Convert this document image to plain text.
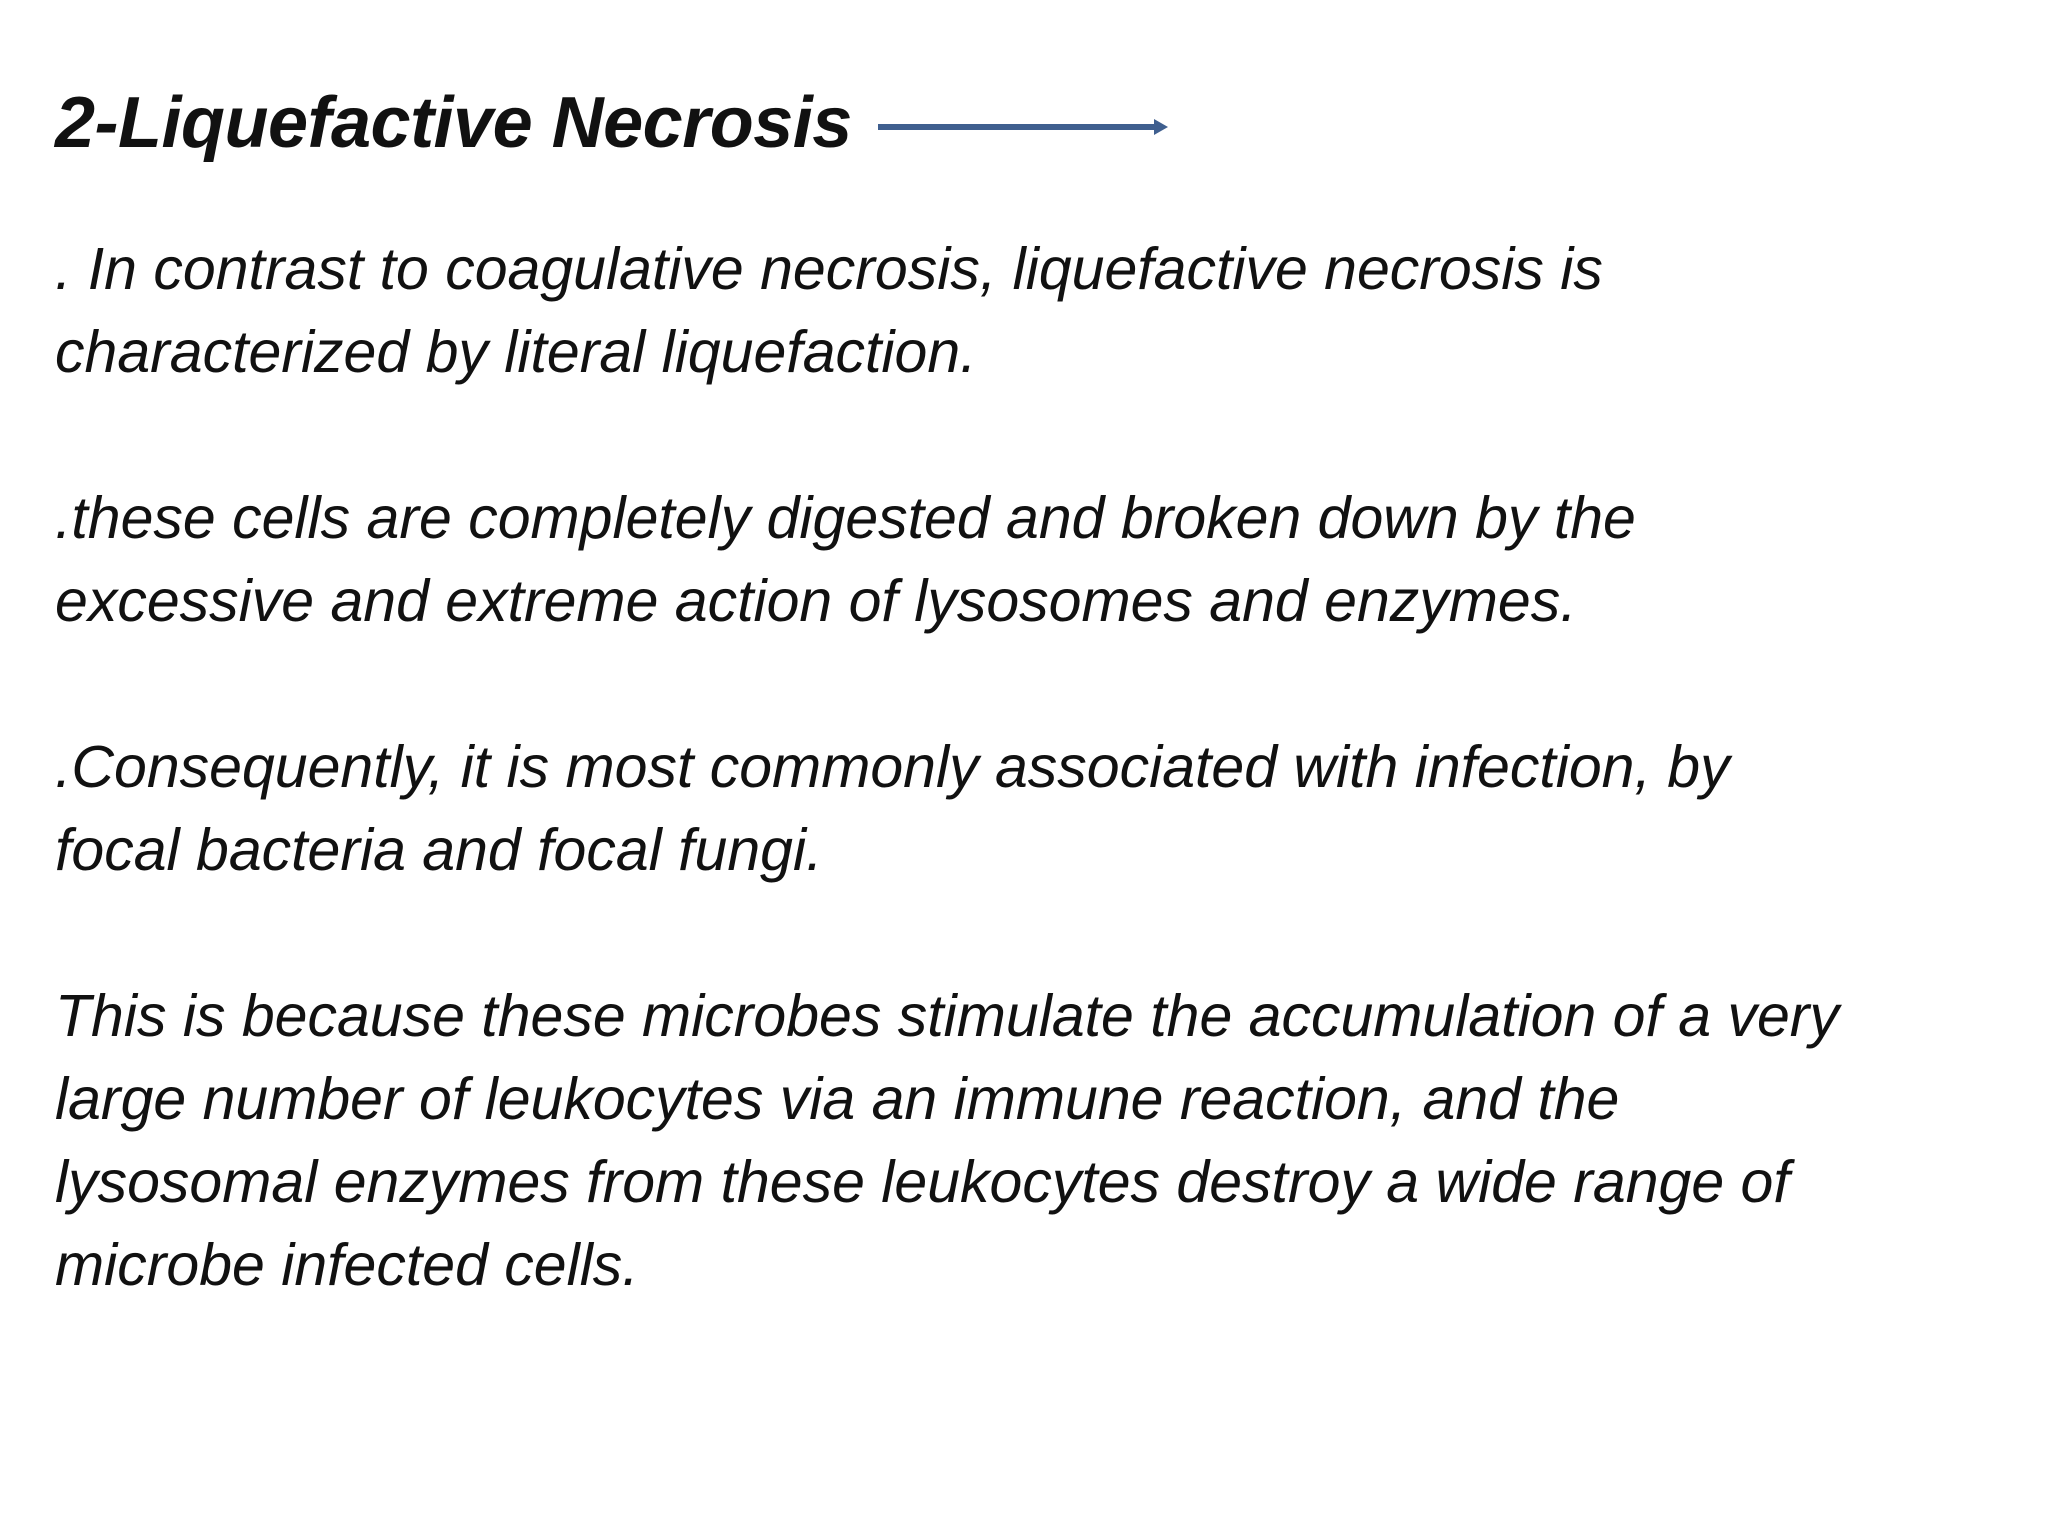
2-Liquefactive Necrosis

. In contrast to coagulative necrosis, liquefactive necrosis is
characterized by literal liquefaction.

.these cells are completely digested and broken down by the
excessive and extreme action of lysosomes and enzymes.

.Consequently, it is most commonly associated with infection, by
focal bacteria and focal fungi.

This is because these microbes stimulate the accumulation of a very
large number of leukocytes via an immune reaction, and the
lysosomal enzymes from these leukocytes destroy a wide range of
microbe infected cells.
